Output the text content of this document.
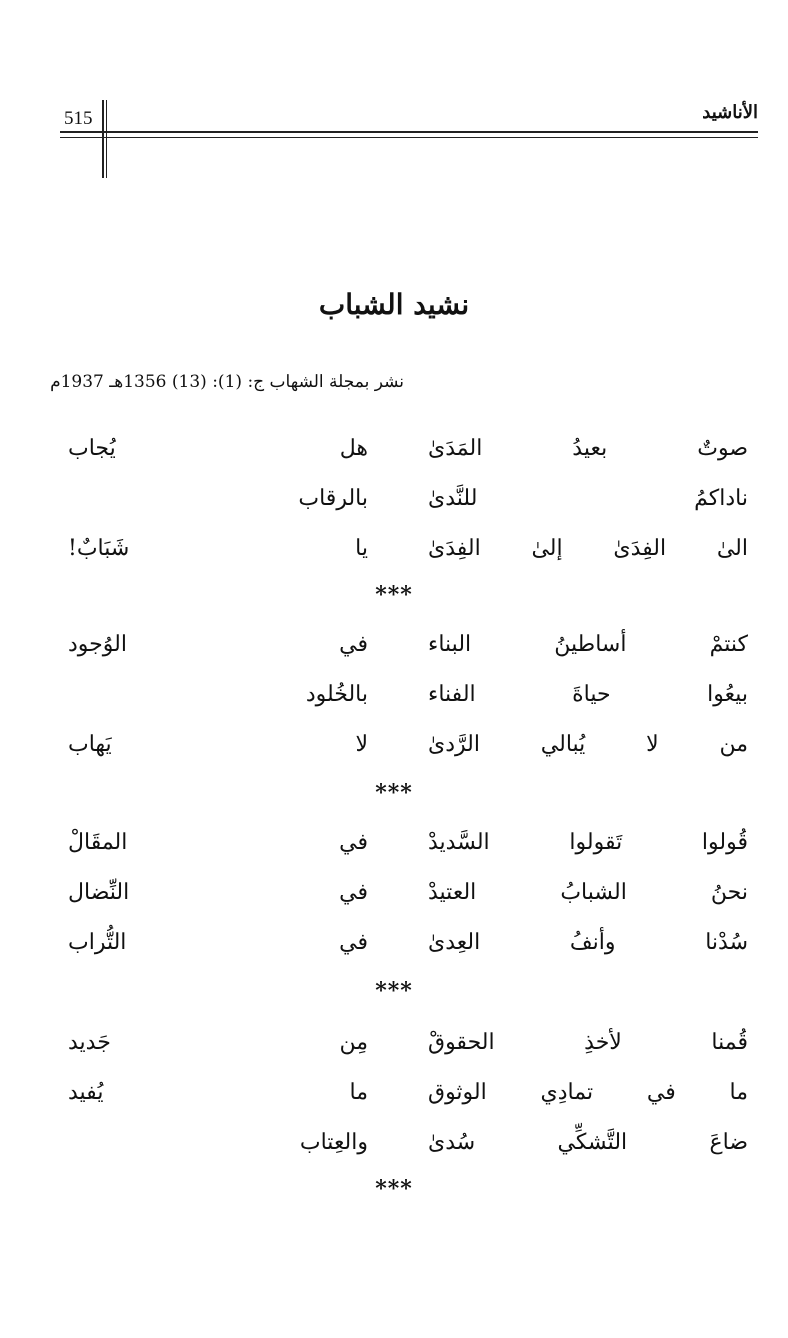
الأناشيد
515
نشيد الشباب
نشر بمجلة الشهاب ج: (1): (13) 1356هـ 1937م
صوتٌ بعيدُ المَدَىٰ
هل يُجاب
ناداكمُ للنَّدىٰ
بالرقاب
الىٰ الفِدَىٰ إلىٰ الفِدَىٰ
يا شَبَابٌ!
***
كنتمْ أساطينُ البناء
في الوُجود
بيعُوا حياةَ الفناء
بالخُلود
من لا يُبالي الرَّدىٰ
لا يَهاب
***
قُولوا تَقولوا السَّديدْ
في المقَالْ
نحنُ الشبابُ العتيدْ
في النِّضال
سُدْنا وأنفُ العِدىٰ
في التُّراب
***
قُمنا لأخذِ الحقوقْ
مِن جَديد
ما في تمادِي الوثوق
ما يُفيد
ضاعَ التَّشكِّي سُدىٰ
والعِتاب
***
